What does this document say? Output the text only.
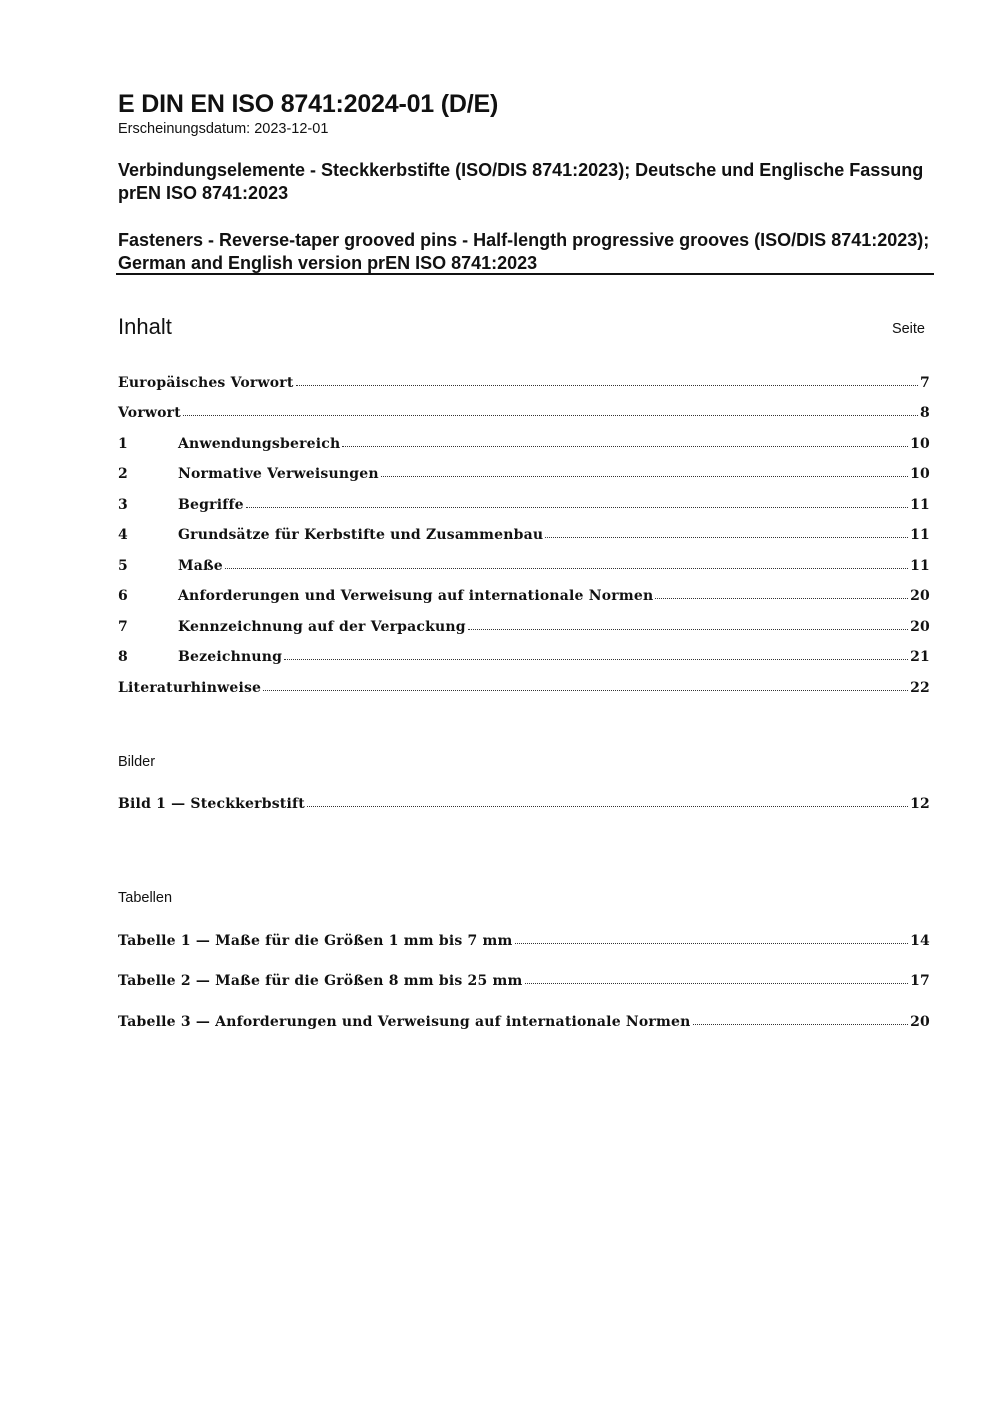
E DIN EN ISO 8741:2024-01 (D/E)
Erscheinungsdatum: 2023-12-01
Verbindungselemente - Steckkerbstifte (ISO/DIS 8741:2023); Deutsche und Englische Fassung prEN ISO 8741:2023
Fasteners - Reverse-taper grooved pins - Half-length progressive grooves (ISO/DIS 8741:2023); German and English version prEN ISO 8741:2023
Inhalt	Seite
Europäisches Vorwort	7
Vorwort	8
1	Anwendungsbereich	10
2	Normative Verweisungen	10
3	Begriffe	11
4	Grundsätze für Kerbstifte und Zusammenbau	11
5	Maße	11
6	Anforderungen und Verweisung auf internationale Normen	20
7	Kennzeichnung auf der Verpackung	20
8	Bezeichnung	21
Literaturhinweise	22
Bilder
Bild 1 — Steckkerbstift	12
Tabellen
Tabelle 1 — Maße für die Größen 1 mm bis 7 mm	14
Tabelle 2 — Maße für die Größen 8 mm bis 25 mm	17
Tabelle 3 — Anforderungen und Verweisung auf internationale Normen	20
